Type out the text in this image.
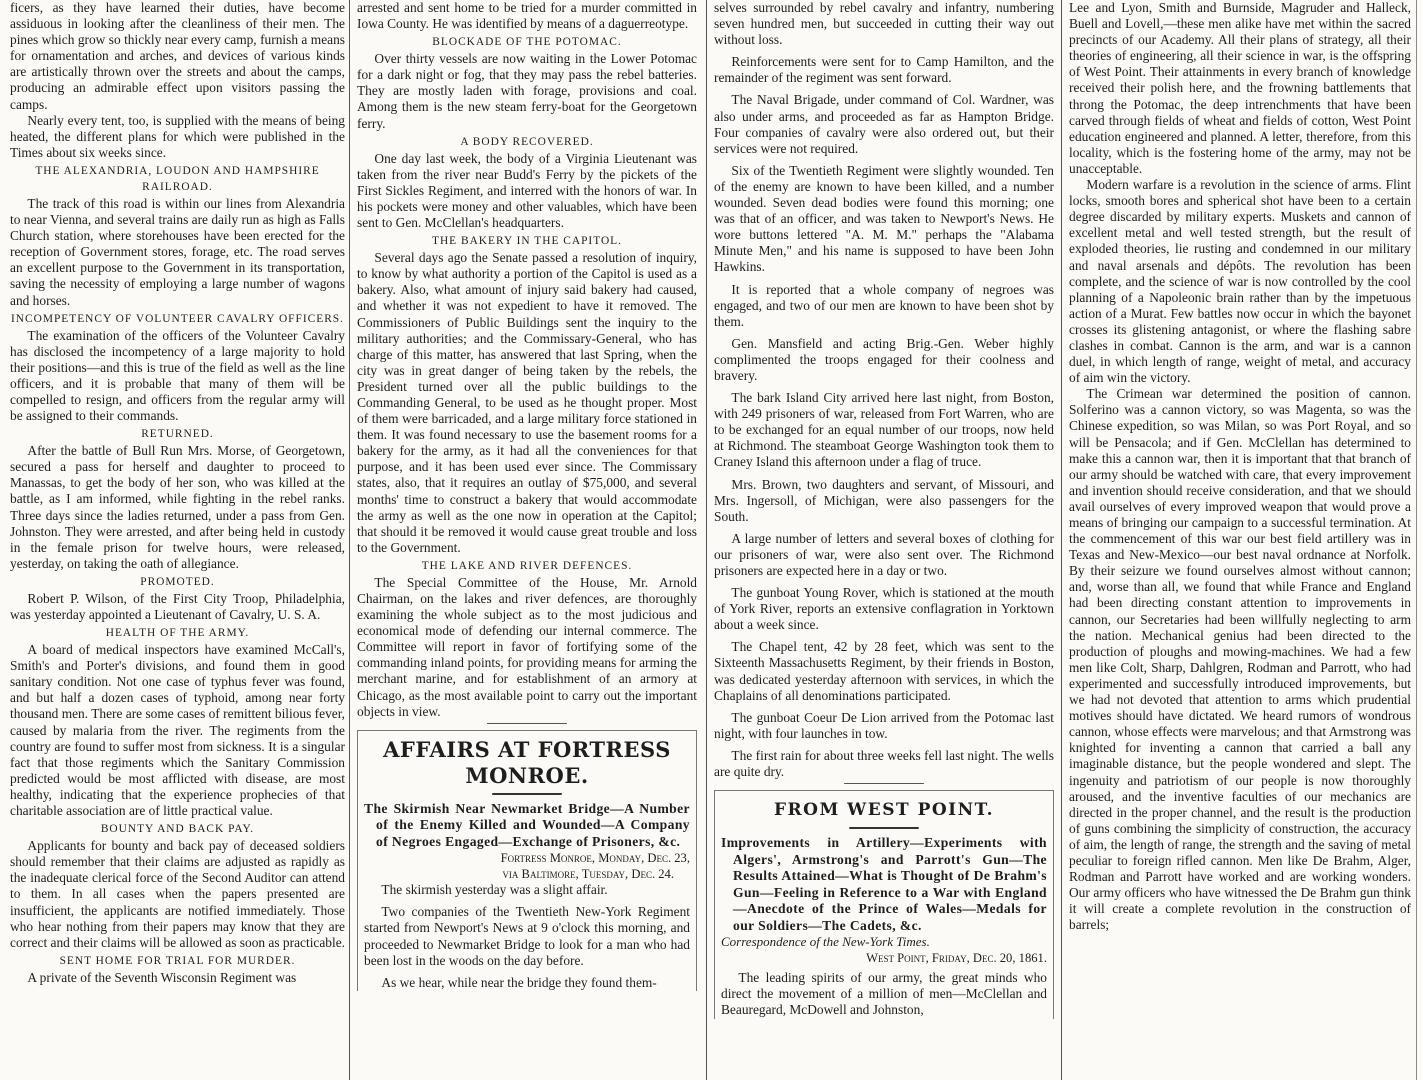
ficers, as they have learned their duties, have become assiduous in looking after the cleanliness of their men. The pines which grow so thickly near every camp, furnish a means for ornamentation and arches, and devices of various kinds are artistically thrown over the streets and about the camps, producing an admirable effect upon visitors passing the camps.

Nearly every tent, too, is supplied with the means of being heated, the different plans for which were published in the Times about six weeks since.

THE ALEXANDRIA, LOUDON AND HAMPSHIRE RAILROAD.

The track of this road is within our lines from Alexandria to near Vienna, and several trains are daily run as high as Falls Church station, where storehouses have been erected for the reception of Government stores, forage, etc. The road serves an excellent purpose to the Government in its transportation, saving the necessity of employing a large number of wagons and horses.

INCOMPETENCY OF VOLUNTEER CAVALRY OFFICERS.

The examination of the officers of the Volunteer Cavalry has disclosed the incompetency of a large majority to hold their positions—and this is true of the field as well as the line officers, and it is probable that many of them will be compelled to resign, and officers from the regular army will be assigned to their commands.

RETURNED.

After the battle of Bull Run Mrs. Morse, of Georgetown, secured a pass for herself and daughter to proceed to Manassas, to get the body of her son, who was killed at the battle, as I am informed, while fighting in the rebel ranks. Three days since the ladies returned, under a pass from Gen. Johnston. They were arrested, and after being held in custody in the female prison for twelve hours, were released, yesterday, on taking the oath of allegiance.

PROMOTED.

Robert P. Wilson, of the First City Troop, Philadelphia, was yesterday appointed a Lieutenant of Cavalry, U. S. A.

HEALTH OF THE ARMY.

A board of medical inspectors have examined McCall's, Smith's and Porter's divisions, and found them in good sanitary condition. Not one case of typhus fever was found, and but half a dozen cases of typhoid, among near forty thousand men. There are some cases of remittent bilious fever, caused by malaria from the river. The regiments from the country are found to suffer most from sickness. It is a singular fact that those regiments which the Sanitary Commission predicted would be most afflicted with disease, are most healthy, indicating that the experience prophecies of that charitable association are of little practical value.

BOUNTY AND BACK PAY.

Applicants for bounty and back pay of deceased soldiers should remember that their claims are adjusted as rapidly as the inadequate clerical force of the Second Auditor can attend to them. In all cases when the papers presented are insufficient, the applicants are notified immediately. Those who hear nothing from their papers may know that they are correct and their claims will be allowed as soon as practicable.

SENT HOME FOR TRIAL FOR MURDER.

A private of the Seventh Wisconsin Regiment was

arrested and sent home to be tried for a murder committed in Iowa County. He was identified by means of a daguerreotype.

BLOCKADE OF THE POTOMAC.

Over thirty vessels are now waiting in the Lower Potomac for a dark night or fog, that they may pass the rebel batteries. They are mostly laden with forage, provisions and coal. Among them is the new steam ferry-boat for the Georgetown ferry.

A BODY RECOVERED.

One day last week, the body of a Virginia Lieutenant was taken from the river near Budd's Ferry by the pickets of the First Sickles Regiment, and interred with the honors of war. In his pockets were money and other valuables, which have been sent to Gen. McClellan's headquarters.

THE BAKERY IN THE CAPITOL.

Several days ago the Senate passed a resolution of inquiry, to know by what authority a portion of the Capitol is used as a bakery. Also, what amount of injury said bakery had caused, and whether it was not expedient to have it removed. The Commissioners of Public Buildings sent the inquiry to the military authorities; and the Commissary-General, who has charge of this matter, has answered that last Spring, when the city was in great danger of being taken by the rebels, the President turned over all the public buildings to the Commanding General, to be used as he thought proper. Most of them were barricaded, and a large military force stationed in them. It was found necessary to use the basement rooms for a bakery for the army, as it had all the conveniences for that purpose, and it has been used ever since. The Commissary states, also, that it requires an outlay of $75,000, and several months' time to construct a bakery that would accommodate the army as well as the one now in operation at the Capitol; that should it be removed it would cause great trouble and loss to the Government.

THE LAKE AND RIVER DEFENCES.

The Special Committee of the House, Mr. Arnold Chairman, on the lakes and river defences, are thoroughly examining the whole subject as to the most judicious and economical mode of defending our internal commerce. The Committee will report in favor of fortifying some of the commanding inland points, for providing means for arming the merchant marine, and for establishment of an armory at Chicago, as the most available point to carry out the important objects in view.

AFFAIRS AT FORTRESS MONROE.
The Skirmish Near Newmarket Bridge—A Number of the Enemy Killed and Wounded—A Company of Negroes Engaged—Exchange of Prisoners, &c.
Fortress Monroe, Monday, Dec. 23,
via Baltimore, Tuesday, Dec. 24.

The skirmish yesterday was a slight affair.

Two companies of the Twentieth New-York Regiment started from Newport's News at 9 o'clock this morning, and proceeded to Newmarket Bridge to look for a man who had been lost in the woods on the day before.

As we hear, while near the bridge they found them-

selves surrounded by rebel cavalry and infantry, numbering seven hundred men, but succeeded in cutting their way out without loss.

Reinforcements were sent for to Camp Hamilton, and the remainder of the regiment was sent forward.

The Naval Brigade, under command of Col. Wardner, was also under arms, and proceeded as far as Hampton Bridge. Four companies of cavalry were also ordered out, but their services were not required.

Six of the Twentieth Regiment were slightly wounded. Ten of the enemy are known to have been killed, and a number wounded. Seven dead bodies were found this morning; one was that of an officer, and was taken to Newport's News. He wore buttons lettered "A. M. M." perhaps the "Alabama Minute Men," and his name is supposed to have been John Hawkins.

It is reported that a whole company of negroes was engaged, and two of our men are known to have been shot by them.

Gen. Mansfield and acting Brig.-Gen. Weber highly complimented the troops engaged for their coolness and bravery.

The bark Island City arrived here last night, from Boston, with 249 prisoners of war, released from Fort Warren, who are to be exchanged for an equal number of our troops, now held at Richmond. The steamboat George Washington took them to Craney Island this afternoon under a flag of truce.

Mrs. Brown, two daughters and servant, of Missouri, and Mrs. Ingersoll, of Michigan, were also passengers for the South.

A large number of letters and several boxes of clothing for our prisoners of war, were also sent over. The Richmond prisoners are expected here in a day or two.

The gunboat Young Rover, which is stationed at the mouth of York River, reports an extensive conflagration in Yorktown about a week since.

The Chapel tent, 42 by 28 feet, which was sent to the Sixteenth Massachusetts Regiment, by their friends in Boston, was dedicated yesterday afternoon with services, in which the Chaplains of all denominations participated.

The gunboat Coeur De Lion arrived from the Potomac last night, with four launches in tow.

The first rain for about three weeks fell last night. The wells are quite dry.

FROM WEST POINT.
Improvements in Artillery—Experiments with Algers', Armstrong's and Parrott's Gun—The Results Attained—What is Thought of De Brahm's Gun—Feeling in Reference to a War with England—Anecdote of the Prince of Wales—Medals for our Soldiers—The Cadets, &c.
Correspondence of the New-York Times.
West Point, Friday, Dec. 20, 1861.

The leading spirits of our army, the great minds who direct the movement of a million of men—McClellan and Beauregard, McDowell and Johnston,

Lee and Lyon, Smith and Burnside, Magruder and Halleck, Buell and Lovell,—these men alike have met within the sacred precincts of our Academy. All their plans of strategy, all their theories of engineering, all their science in war, is the offspring of West Point. Their attainments in every branch of knowledge received their polish here, and the frowning battlements that throng the Potomac, the deep intrenchments that have been carved through fields of wheat and fields of cotton, West Point education engineered and planned. A letter, therefore, from this locality, which is the fostering home of the army, may not be unacceptable.

Modern warfare is a revolution in the science of arms. Flint locks, smooth bores and spherical shot have been to a certain degree discarded by military experts. Muskets and cannon of excellent metal and well tested strength, but the result of exploded theories, lie rusting and condemned in our military and naval arsenals and dépôts. The revolution has been complete, and the science of war is now controlled by the cool planning of a Napoleonic brain rather than by the impetuous action of a Murat. Few battles now occur in which the bayonet crosses its glistening antagonist, or where the flashing sabre clashes in combat. Cannon is the arm, and war is a cannon duel, in which length of range, weight of metal, and accuracy of aim win the victory.

The Crimean war determined the position of cannon. Solferino was a cannon victory, so was Magenta, so was the Chinese expedition, so was Milan, so was Port Royal, and so will be Pensacola; and if Gen. McClellan has determined to make this a cannon war, then it is important that that branch of our army should be watched with care, that every improvement and invention should receive consideration, and that we should avail ourselves of every improved weapon that would prove a means of bringing our campaign to a successful termination. At the commencement of this war our best field artillery was in Texas and New-Mexico—our best naval ordnance at Norfolk. By their seizure we found ourselves almost without cannon; and, worse than all, we found that while France and England had been directing constant attention to improvements in cannon, our Secretaries had been willfully neglecting to arm the nation. Mechanical genius had been directed to the production of ploughs and mowing-machines. We had a few men like Colt, Sharp, Dahlgren, Rodman and Parrott, who had experimented and successfully introduced improvements, but we had not devoted that attention to arms which prudential motives should have dictated. We heard rumors of wondrous cannon, whose effects were marvelous; and that Armstrong was knighted for inventing a cannon that carried a ball any imaginable distance, but the people wondered and slept. The ingenuity and patriotism of our people is now thoroughly aroused, and the inventive faculties of our mechanics are directed in the proper channel, and the result is the production of guns combining the simplicity of construction, the accuracy of aim, the length of range, the strength and the saving of metal peculiar to foreign rifled cannon. Men like De Brahm, Alger, Rodman and Parrott have worked and are working wonders. Our army officers who have witnessed the De Brahm gun think it will create a complete revolution in the construction of barrels;
